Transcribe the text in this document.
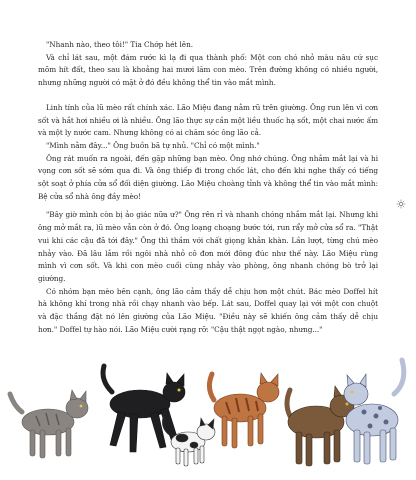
"Nhanh nào, theo tôi!" Tia Chớp hét lên.

Và chỉ lát sau, một đám rước kì lạ đi qua thành phố: Một con chó nhỏ màu nâu cứ sục mõm hít đất, theo sau là khoảng hai mươi lăm con mèo. Trên đường không có nhiều người, nhưng những người có mặt ở đó đều không thể tin vào mắt mình.

Linh tính của lũ mèo rất chính xác. Lão Miệu đang nằm rũ trên giường. Ông run lên vì cơn sốt và hắt hơi nhiều ơi là nhiều. Ông lão thực sự cần một liều thuốc hạ sốt, một chai nước ấm và một ly nước cam. Nhưng không có ai chăm sóc ông lão cả.

"Mình nằm đây..." Ông buồn bã tự nhủ. "Chỉ có một mình."

Ông rát muốn ra ngoài, đến gặp những bạn mèo. Ông nhớ chúng. Ông nhắm mắt lại và hi vọng cơn sốt sẽ sớm qua đi. Và ông thiếp đi trong chốc lát, cho đến khi nghe thấy có tiếng sột soạt ở phía cửa sổ đối diện giường. Lão Miệu choàng tỉnh và không thể tin vào mắt mình: Bệ cửa sổ nhà ông đầy mèo!

"Bây giờ mình còn bị ảo giác nữa ư?" Ông rên rỉ và nhanh chóng nhắm mắt lại. Nhưng khi ông mở mắt ra, lũ mèo vẫn còn ở đó. Ông loạng choạng bước tới, run rẩy mở cửa sổ ra. "Thật vui khi các cậu đã tới đây." Ông thì thầm với chất giọng khản khàn. Lần lượt, từng chú mèo nhảy vào. Đã lâu lắm rồi ngôi nhà nhỏ cô đơn mới đông đúc như thế này. Lão Miệu rùng mình vì cơn sốt. Và khi con mèo cuối cùng nhảy vào phòng, ông nhanh chóng bò trở lại giường.

Có nhóm bạn mèo bên cạnh, ông lão cảm thấy dễ chịu hơn một chút. Bác mèo Doffel hít hà không khí trong nhà rồi chạy nhanh vào bếp. Lát sau, Doffel quay lại với một con chuột và đặc thắng đặt nó lên giường của Lão Miệu. "Điều này sẽ khiến ông cảm thấy dễ chịu hơn." Doffel tự hào nói. Lão Miệu cười rạng rỡ: "Cậu thật ngọt ngào, nhưng..."
